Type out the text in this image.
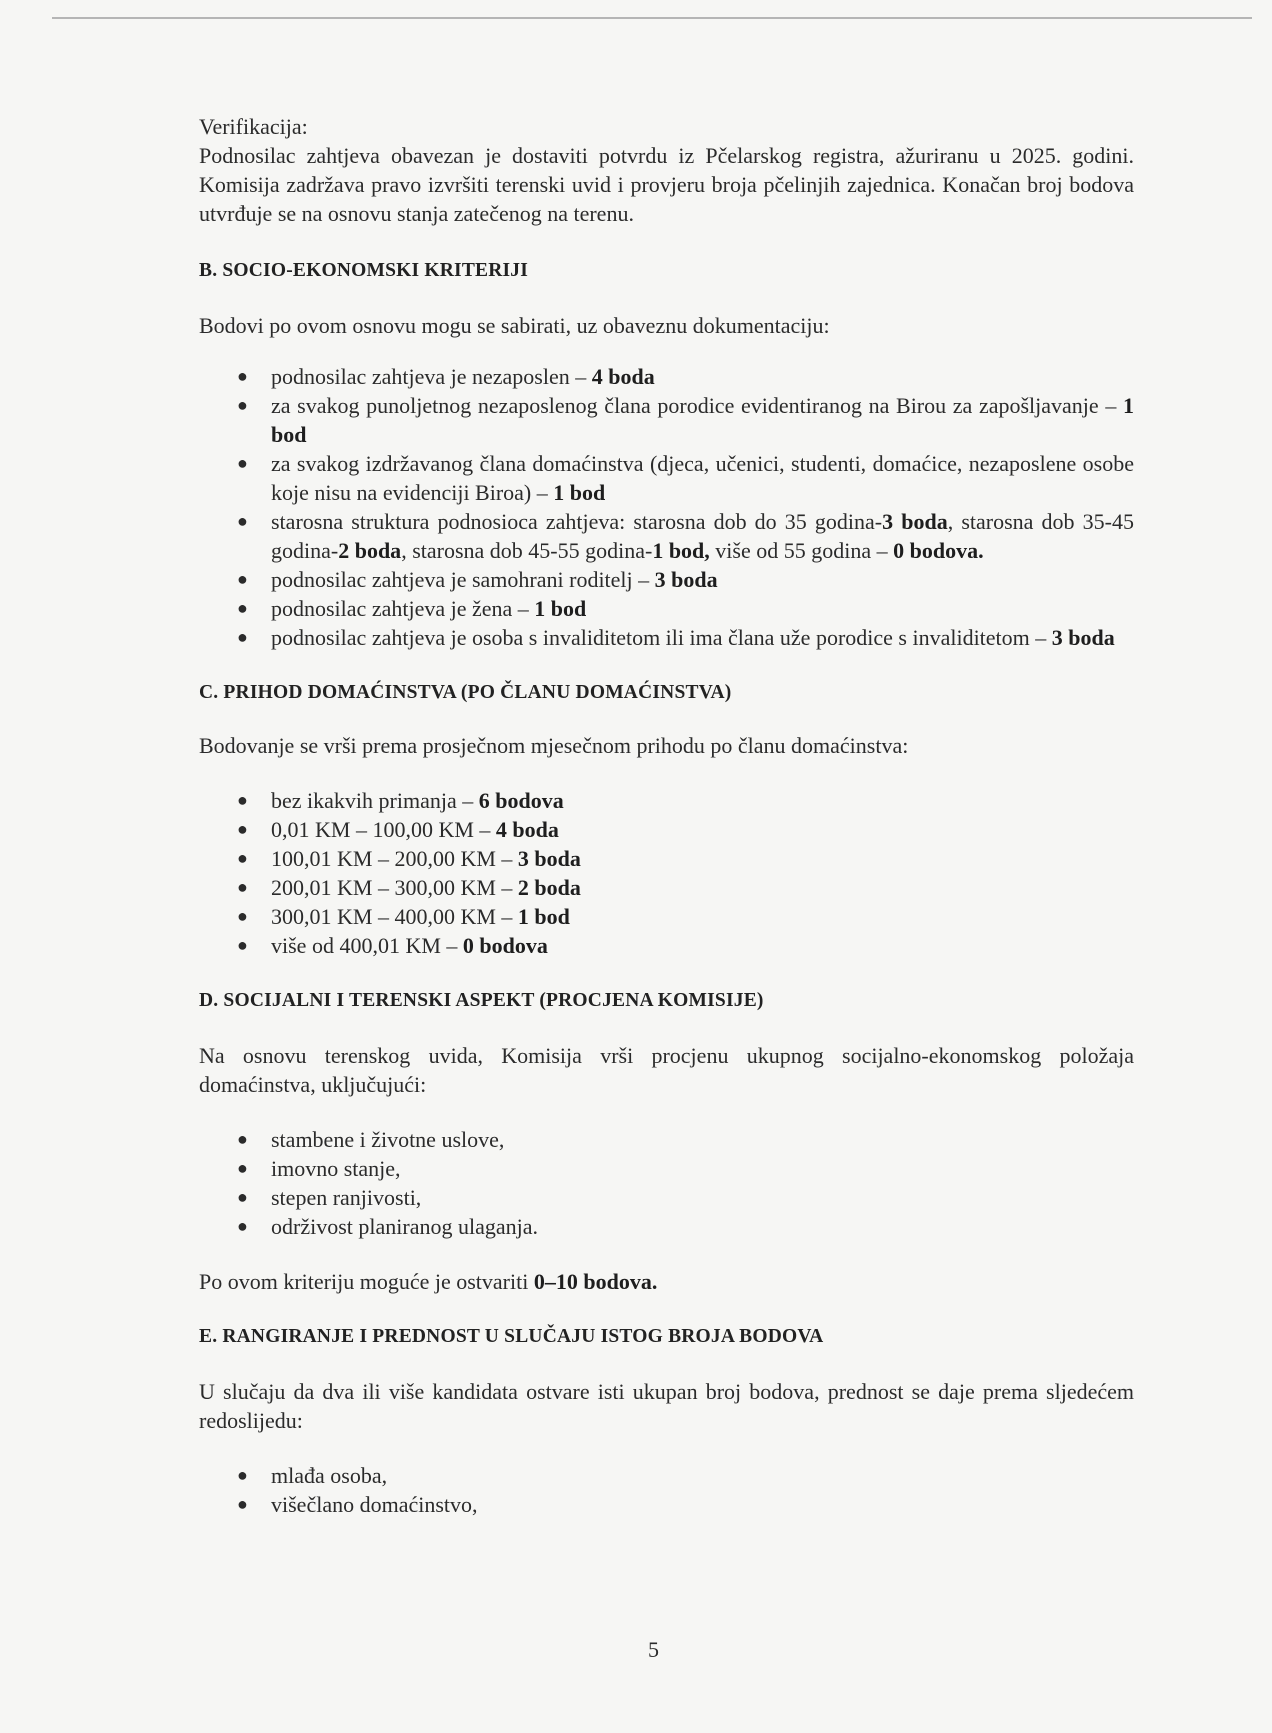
Verifikacija:

Podnosilac zahtjeva obavezan je dostaviti potvrdu iz Pčelarskog registra, ažuriranu u 2025. godini. Komisija zadržava pravo izvršiti terenski uvid i provjeru broja pčelinjih zajednica. Konačan broj bodova utvrđuje se na osnovu stanja zatečenog na terenu.

B. SOCIO-EKONOMSKI KRITERIJI

Bodovi po ovom osnovu mogu se sabirati, uz obaveznu dokumentaciju:

● podnosilac zahtjeva je nezaposlen – 4 boda
● za svakog punoljetnog nezaposlenog člana porodice evidentiranog na Birou za zapošljavanje – 1 bod
● za svakog izdržavanog člana domaćinstva (djeca, učenici, studenti, domaćice, nezaposlene osobe koje nisu na evidenciji Biroa) – 1 bod
● starosna struktura podnosioca zahtjeva: starosna dob do 35 godina-3 boda, starosna dob 35-45 godina-2 boda, starosna dob 45-55 godina-1 bod, više od 55 godina – 0 bodova.
● podnosilac zahtjeva je samohrani roditelj – 3 boda
● podnosilac zahtjeva je žena – 1 bod
● podnosilac zahtjeva je osoba s invaliditetom ili ima člana uže porodice s invaliditetom – 3 boda
C. PRIHOD DOMAĆINSTVA (PO ČLANU DOMAĆINSTVA)

Bodovanje se vrši prema prosječnom mjesečnom prihodu po članu domaćinstva:

● bez ikakvih primanja – 6 bodova
● 0,01 KM – 100,00 KM – 4 boda
● 100,01 KM – 200,00 KM – 3 boda
● 200,01 KM – 300,00 KM – 2 boda
● 300,01 KM – 400,00 KM – 1 bod
● više od 400,01 KM – 0 bodova
D. SOCIJALNI I TERENSKI ASPEKT (PROCJENA KOMISIJE)

Na osnovu terenskog uvida, Komisija vrši procjenu ukupnog socijalno-ekonomskog položaja domaćinstva, uključujući:

● stambene i životne uslove,
● imovno stanje,
● stepen ranjivosti,
● održivost planiranog ulaganja.

Po ovom kriteriju moguće je ostvariti 0–10 bodova.

E. RANGIRANJE I PREDNOST U SLUČAJU ISTOG BROJA BODOVA

U slučaju da dva ili više kandidata ostvare isti ukupan broj bodova, prednost se daje prema sljedećem redoslijedu:

● mlađa osoba,
● višečlano domaćinstvo,
5
